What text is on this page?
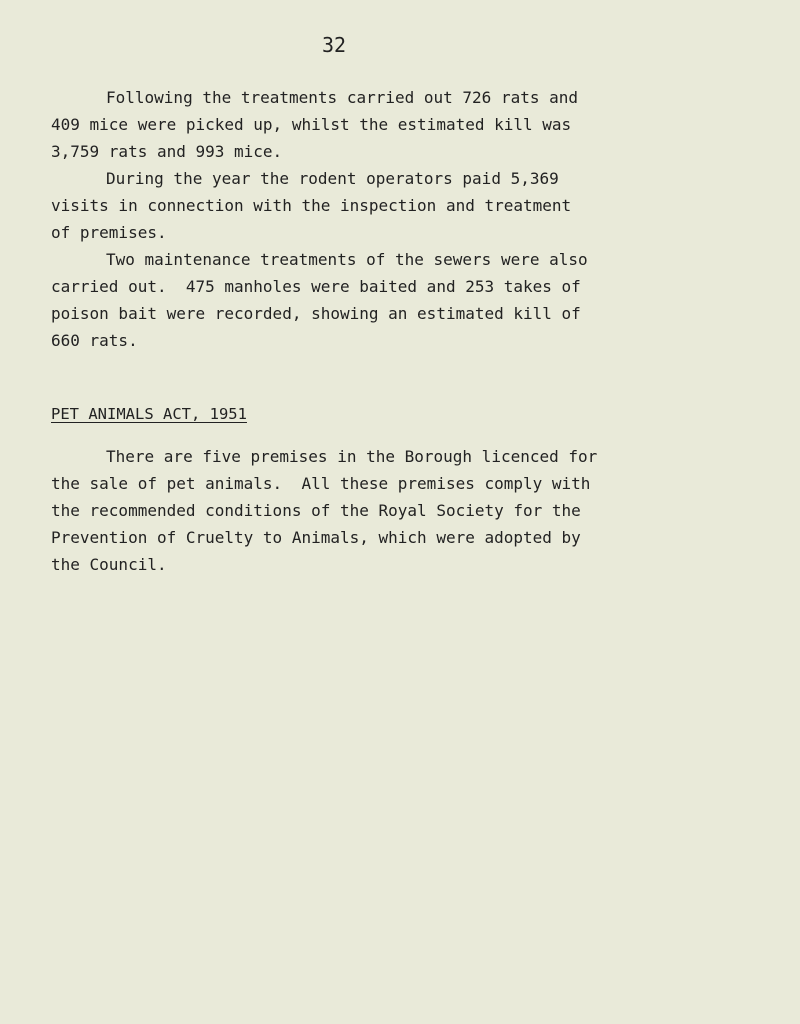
32
Following the treatments carried out 726 rats and
409 mice were picked up, whilst the estimated kill was
3,759 rats and 993 mice.
During the year the rodent operators paid 5,369
visits in connection with the inspection and treatment
of premises.
Two maintenance treatments of the sewers were also
carried out.  475 manholes were baited and 253 takes of
poison bait were recorded, showing an estimated kill of
660 rats.
PET ANIMALS ACT, 1951
There are five premises in the Borough licenced for
the sale of pet animals.  All these premises comply with
the recommended conditions of the Royal Society for the
Prevention of Cruelty to Animals, which were adopted by
the Council.
